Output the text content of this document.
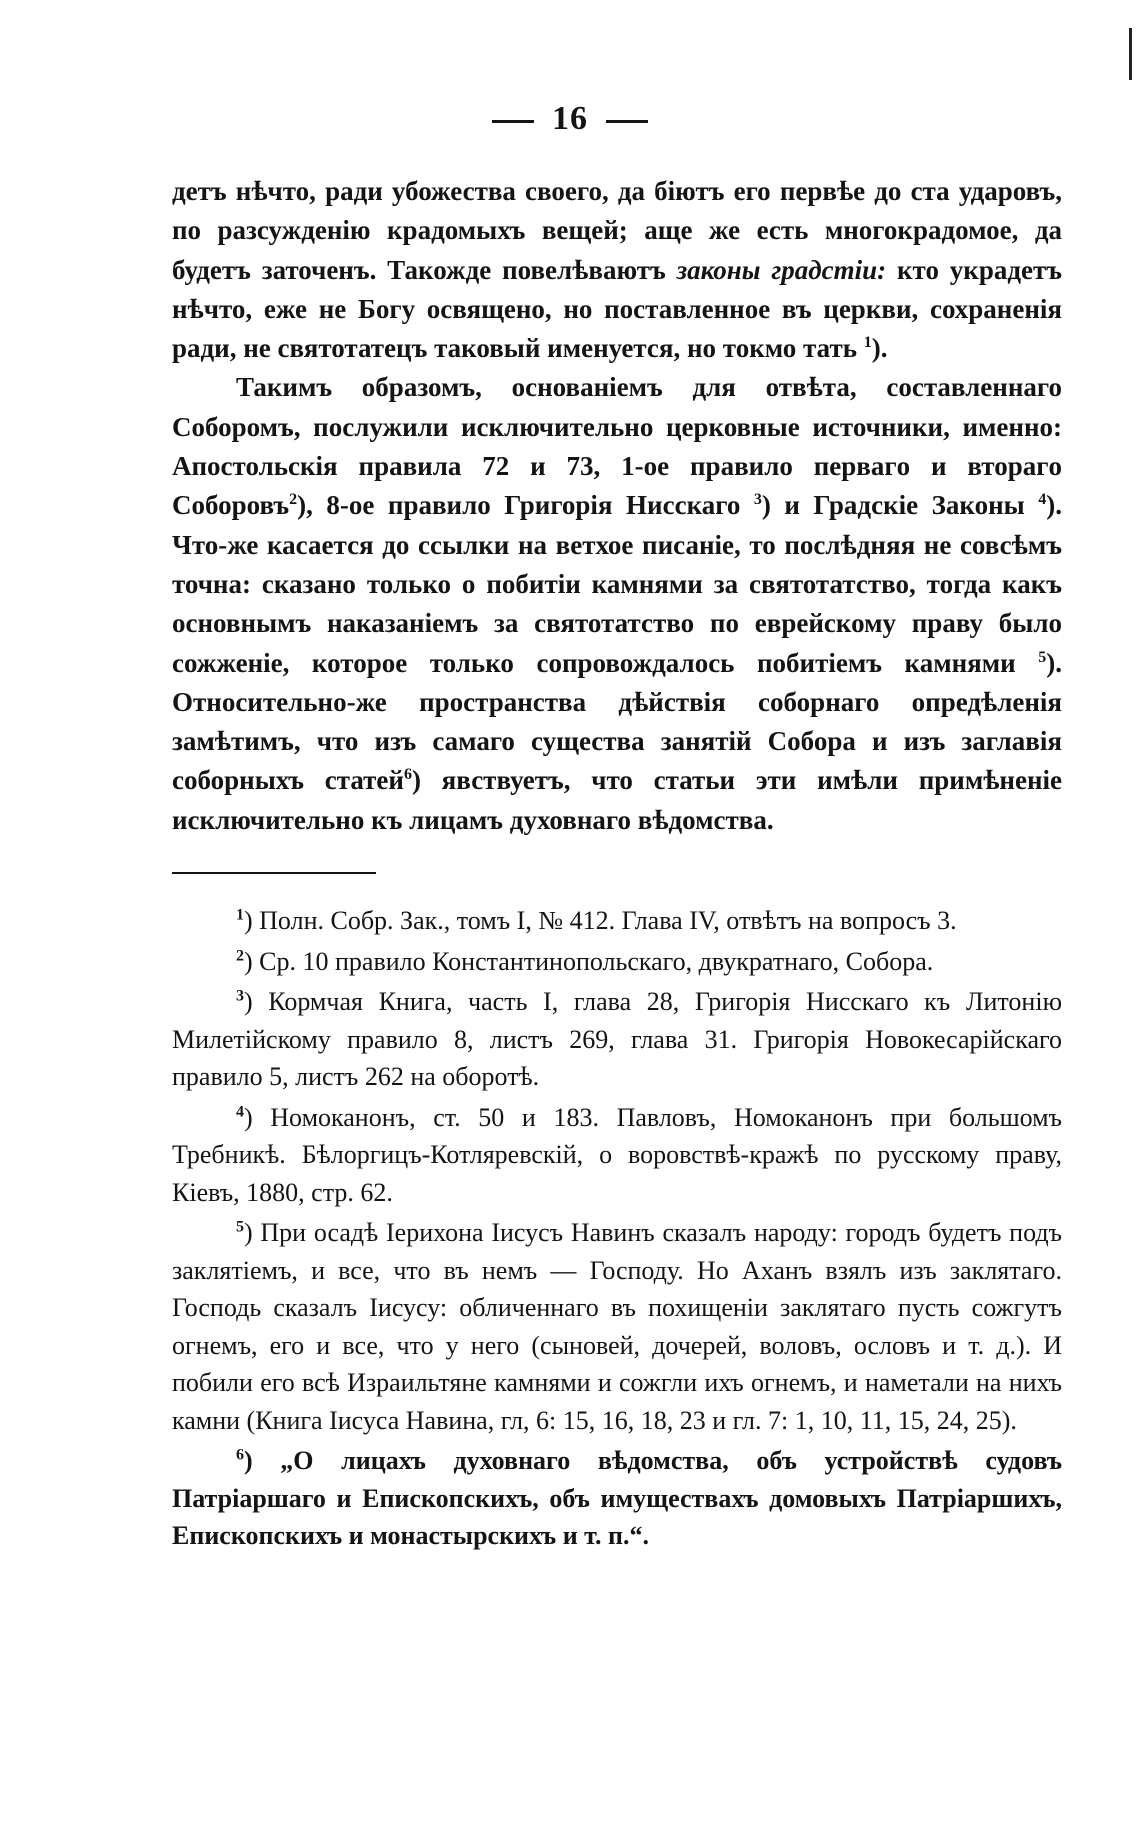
16

детъ нѣчто, ради убожества своего, да біютъ его первѣе до ста ударовъ, по разсужденію крадомыхъ вещей; аще же есть многокрадомое, да будетъ заточенъ. Такожде повелѣваютъ законы градстіи: кто украдетъ нѣчто, еже не Богу освящено, но поставленное въ церкви, сохраненія ради, не святотатецъ таковый именуется, но токмо тать $^1$).

Такимъ образомъ, основаніемъ для отвѣта, составленнаго Соборомъ, послужили исключительно церковные источники, именно: Апостольскія правила 72 и 73, 1-ое правило первагo и вторагo Соборовъ$^2$), 8-ое правило Григорія Нисскаго $^3$) и Градскіе Законы $^4$). Что-же касается до ссылки на ветхое писаніе, то послѣдняя не совсѣмъ точна: сказано только о побитіи камнями за святотатство, тогда какъ основнымъ наказаніемъ за святотатство по еврейскому праву было сожженіе, которое только сопровождалось побитіемъ камнями $^5$). Относительно-же пространства дѣйствія соборнаго опредѣленія замѣтимъ, что изъ самаго существа занятій Собора и изъ заглавія соборныхъ статей$^6$) явствуетъ, что статьи эти имѣли примѣненіе исключительно къ лицамъ духовнаго вѣдомства.

$^1$) Полн. Собр. Зак., томъ I, № 412. Глава IV, отвѣтъ на вопросъ 3.

$^2$) Ср. 10 правило Константинопольскаго, двукратнаго, Собора.

$^3$) Кормчая Книга, часть I, глава 28, Григорія Нисскаго къ Литонію Милетійскому правило 8, листъ 269, глава 31. Григорія Новокесарійскаго правило 5, листъ 262 на оборотѣ.

$^4$) Номоканонъ, ст. 50 и 183. Павловъ, Номоканонъ при большомъ Требникѣ. Бѣлоргицъ-Котляревскій, о воровствѣ-кражѣ по русскому праву, Кіевъ, 1880, стр. 62.

$^5$) При осадѣ Іерихона Іисусъ Навинъ сказалъ народу: городъ будетъ подъ заклятіемъ, и все, что въ немъ — Господу. Но Аханъ взялъ изъ заклятаго. Господь сказалъ Іисусу: обличеннаго въ похищеніи заклятаго пусть сожгутъ огнемъ, его и все, что у него (сыновей, дочерей, воловъ, ословъ и т. д.). И побили его всѣ Израильтяне камнями и сожгли ихъ огнемъ, и наметали на нихъ камни (Книга Іисуса Навина, гл, 6: 15, 16, 18, 23 и гл. 7: 1, 10, 11, 15, 24, 25).

$^6$) „О лицахъ духовнаго вѣдомства, объ устройствѣ судовъ Патріаршаго и Епископскихъ, объ имуществахъ домовыхъ Патріаршихъ, Епископскихъ и монастырскихъ и т. п.“.
